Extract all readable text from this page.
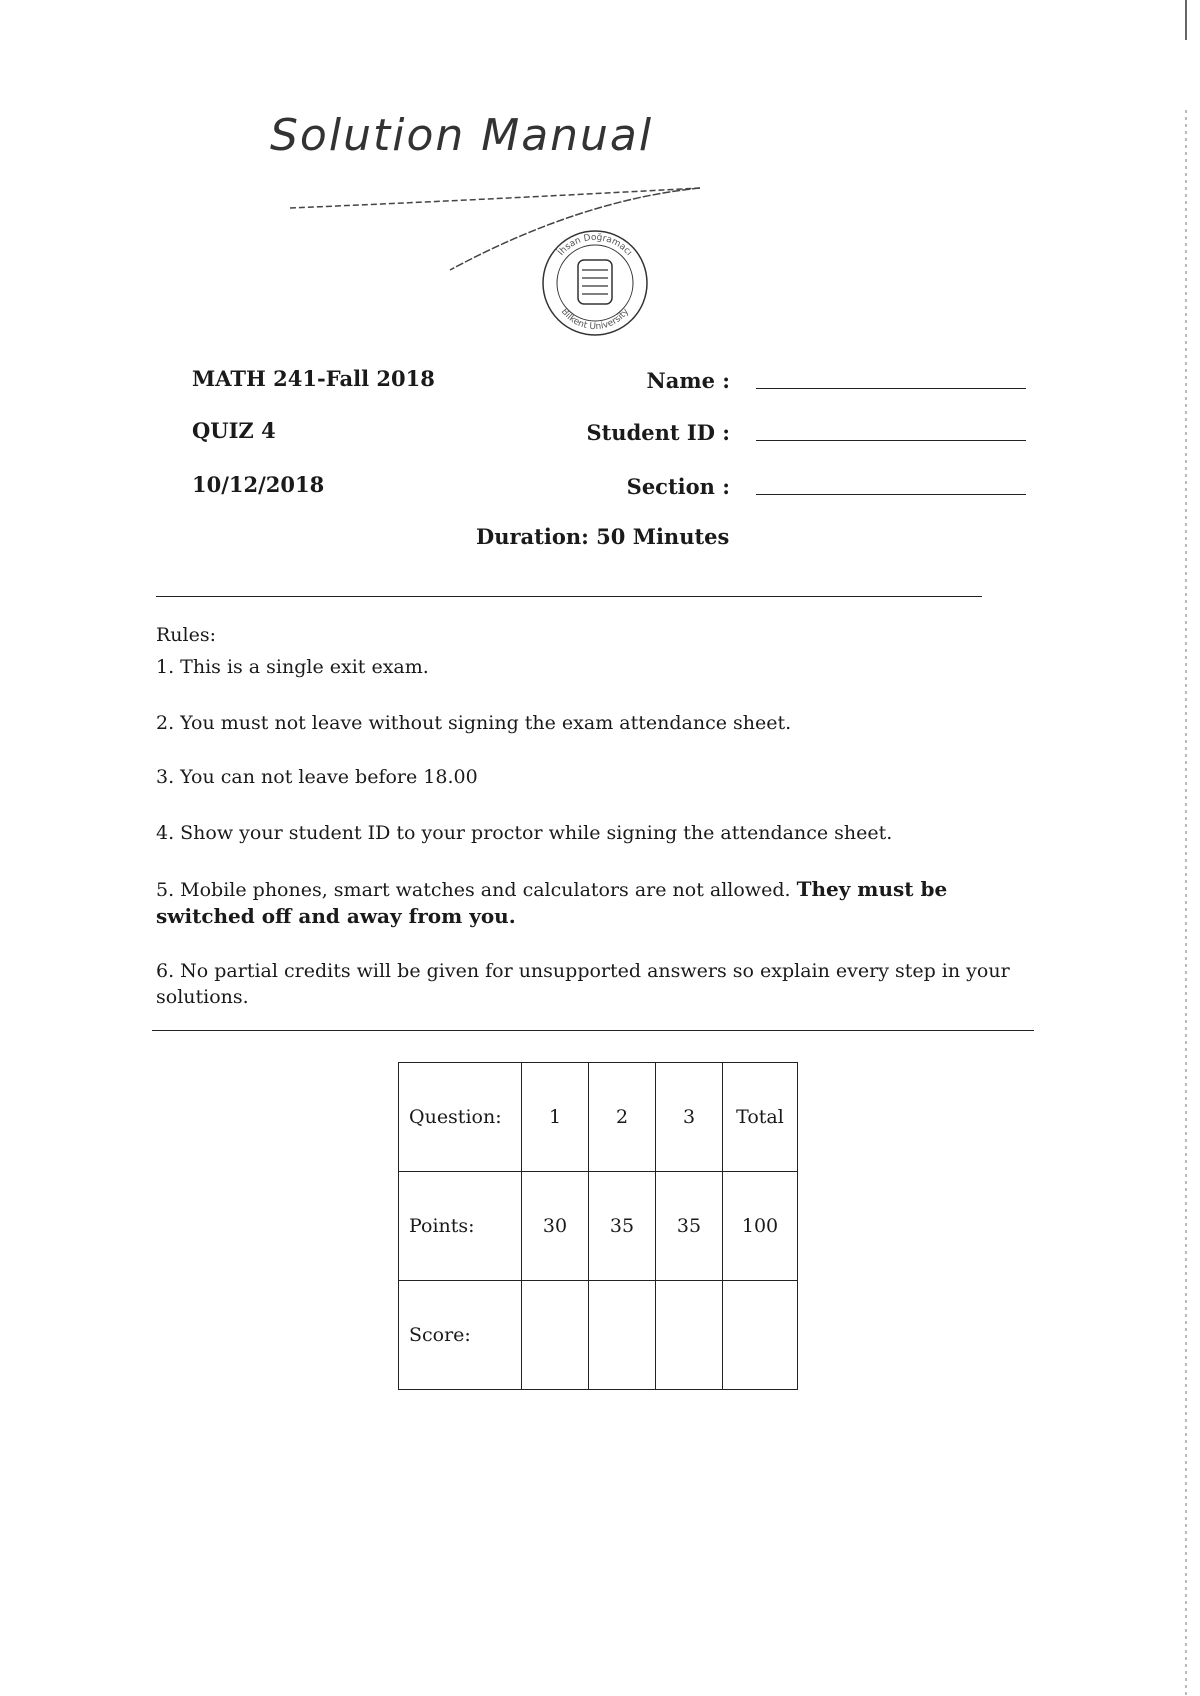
Solution Manual
İhsan Doğramacı
Bilkent University
MATH 241-Fall 2018
QUIZ 4
10/12/2018
Name :
Student ID :
Section :
Duration: 50 Minutes
Rules:
1. This is a single exit exam.
2. You must not leave without signing the exam attendance sheet.
3. You can not leave before 18.00
4. Show your student ID to your proctor while signing the attendance sheet.
5. Mobile phones, smart watches and calculators are not allowed. They must be switched off and away from you.
6. No partial credits will be given for unsupported answers so explain every step in your solutions.
Question:	1	2	3	Total
Points:	30	35	35	100
Score:				
